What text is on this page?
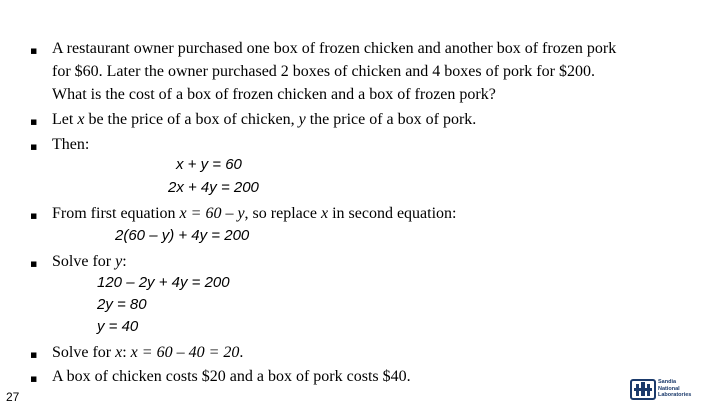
▪ A restaurant owner purchased one box of frozen chicken and another box of frozen pork
for $60. Later the owner purchased 2 boxes of chicken and 4 boxes of pork for $200.
What is the cost of a box of frozen chicken and a box of frozen pork?
▪ Let x be the price of a box of chicken, y the price of a box of pork.
▪ Then:
x + y = 60
2x + 4y = 200
▪ From first equation x = 60 – y, so replace x in second equation:
2(60 – y) + 4y = 200
▪ Solve for y:
120 – 2y + 4y = 200
2y = 80
y = 40
▪ Solve for x: x = 60 – 40 = 20.
▪ A box of chicken costs $20 and a box of pork costs $40.
27
Sandia
National
Laboratories
